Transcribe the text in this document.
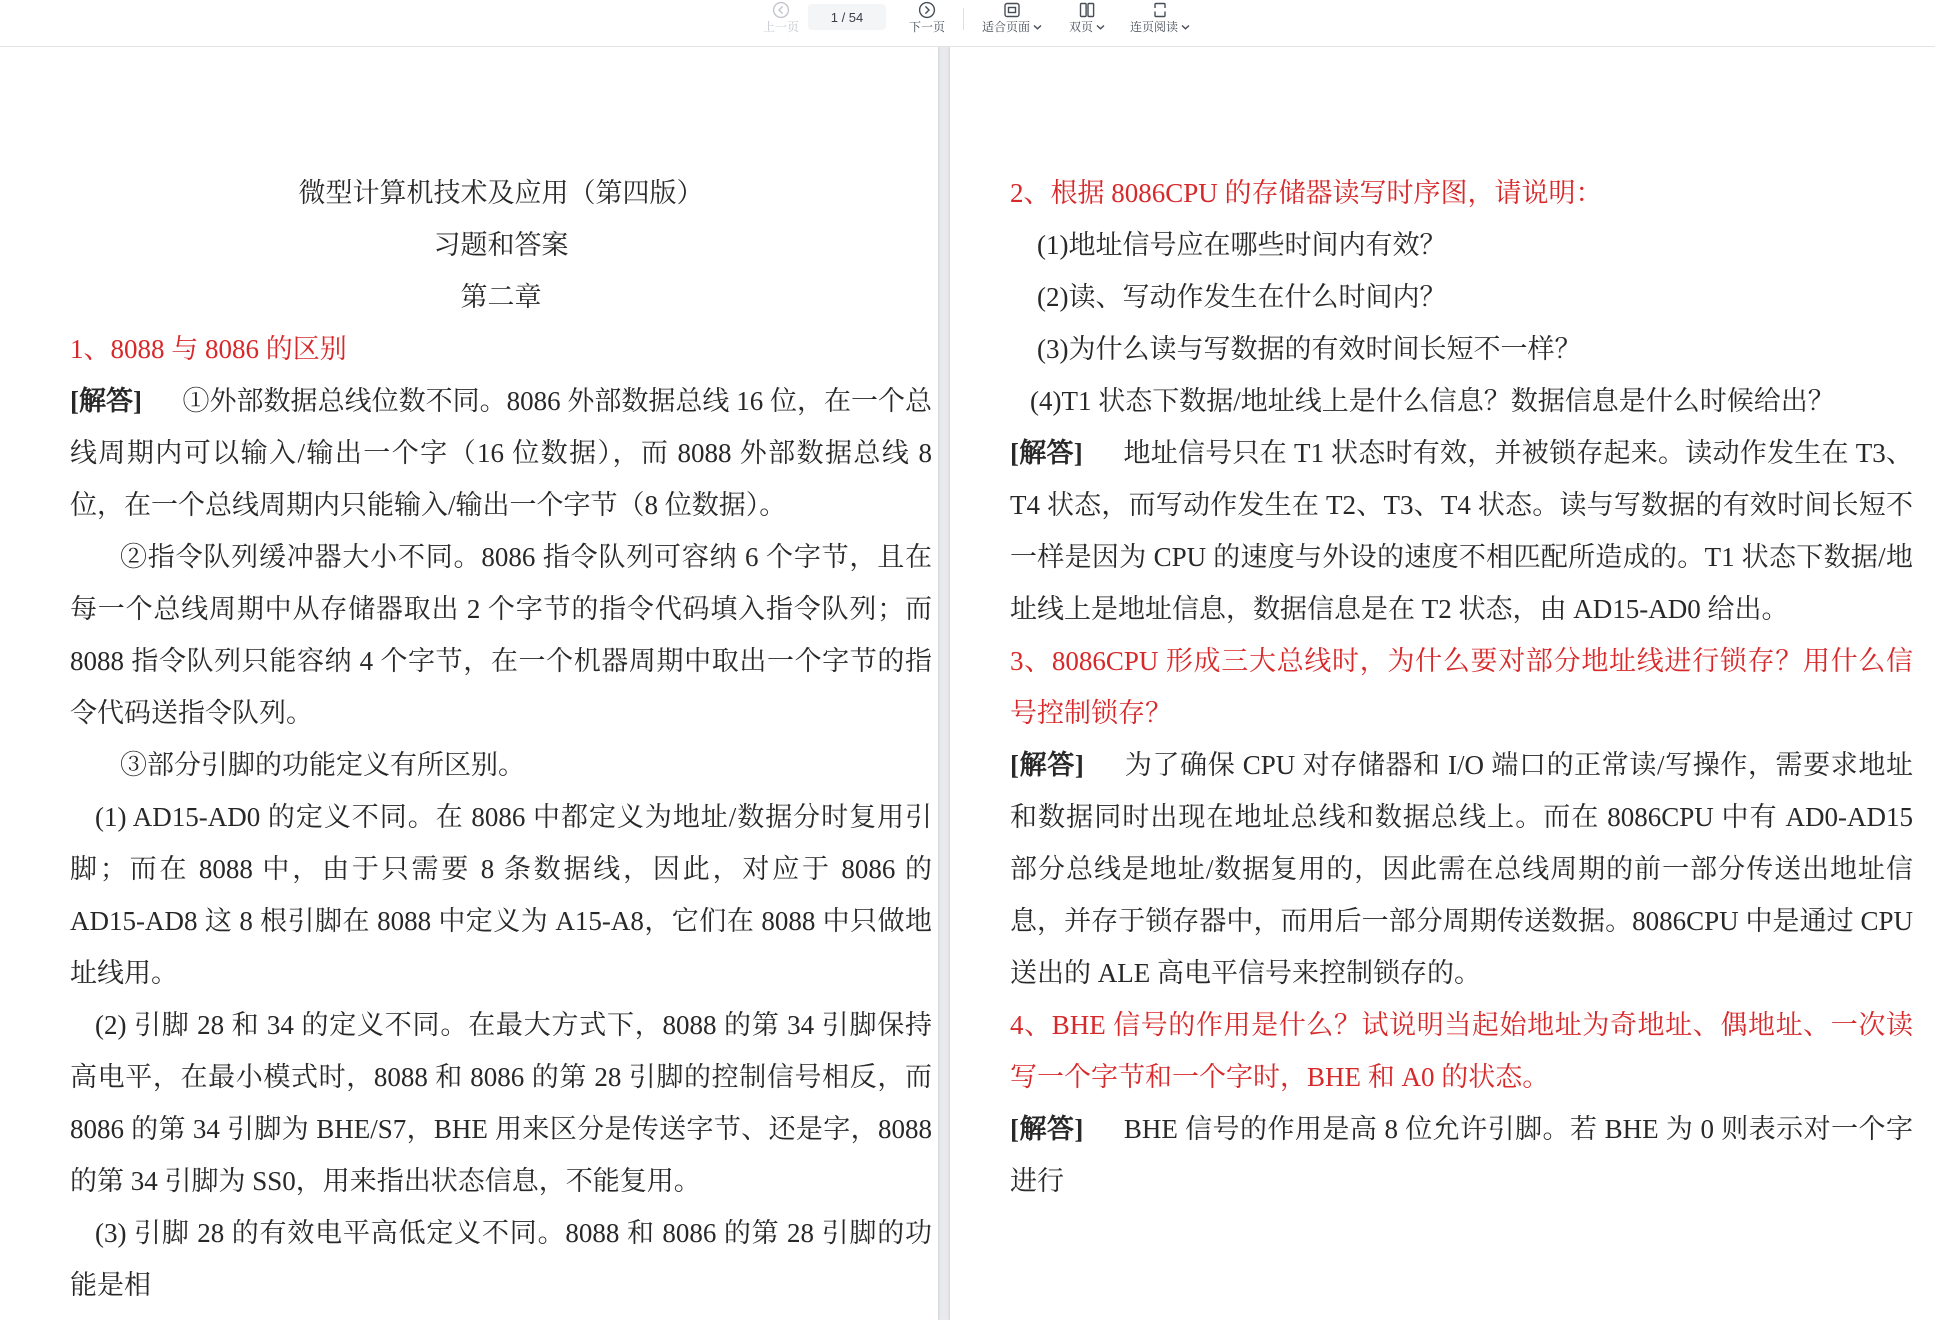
上一页
1 / 54
下一页	适合页面	双页	连页阅读
微型计算机技术及应用（第四版）
习题和答案
第二章
1、8088 与 8086 的区别
[解答] ①外部数据总线位数不同。8086 外部数据总线 16 位，在一个总线周期内可以输入/输出一个字（16 位数据），而 8088 外部数据总线 8 位，在一个总线周期内只能输入/输出一个字节（8 位数据）。
②指令队列缓冲器大小不同。8086 指令队列可容纳 6 个字节，且在每一个总线周期中从存储器取出 2 个字节的指令代码填入指令队列；而 8088 指令队列只能容纳 4 个字节，在一个机器周期中取出一个字节的指令代码送指令队列。
③部分引脚的功能定义有所区别。
(1) AD15-AD0 的定义不同。在 8086 中都定义为地址/数据分时复用引脚；而在 8088 中，由于只需要 8 条数据线，因此，对应于 8086 的 AD15-AD8 这 8 根引脚在 8088 中定义为 A15-A8，它们在 8088 中只做地址线用。
(2) 引脚 28 和 34 的定义不同。在最大方式下，8088 的第 34 引脚保持高电平，在最小模式时，8088 和 8086 的第 28 引脚的控制信号相反，而 8086 的第 34 引脚为 BHE/S7，BHE 用来区分是传送字节、还是字，8088 的第 34 引脚为 SS0，用来指出状态信息，不能复用。
(3) 引脚 28 的有效电平高低定义不同。8088 和 8086 的第 28 引脚的功能是相
2、根据 8086CPU 的存储器读写时序图，请说明：
(1)地址信号应在哪些时间内有效？
(2)读、写动作发生在什么时间内？
(3)为什么读与写数据的有效时间长短不一样？
(4)T1 状态下数据/地址线上是什么信息？数据信息是什么时候给出？
[解答] 地址信号只在 T1 状态时有效，并被锁存起来。读动作发生在 T3、T4 状态，而写动作发生在 T2、T3、T4 状态。读与写数据的有效时间长短不一样是因为 CPU 的速度与外设的速度不相匹配所造成的。T1 状态下数据/地址线上是地址信息，数据信息是在 T2 状态，由 AD15-AD0 给出。
3、8086CPU 形成三大总线时，为什么要对部分地址线进行锁存？用什么信号控制锁存？
[解答] 为了确保 CPU 对存储器和 I/O 端口的正常读/写操作，需要求地址和数据同时出现在地址总线和数据总线上。而在 8086CPU 中有 AD0-AD15 部分总线是地址/数据复用的，因此需在总线周期的前一部分传送出地址信息，并存于锁存器中，而用后一部分周期传送数据。8086CPU 中是通过 CPU 送出的 ALE 高电平信号来控制锁存的。
4、BHE 信号的作用是什么？试说明当起始地址为奇地址、偶地址、一次读写一个字节和一个字时，BHE 和 A0 的状态。
[解答] BHE 信号的作用是高 8 位允许引脚。若 BHE 为 0 则表示对一个字进行
